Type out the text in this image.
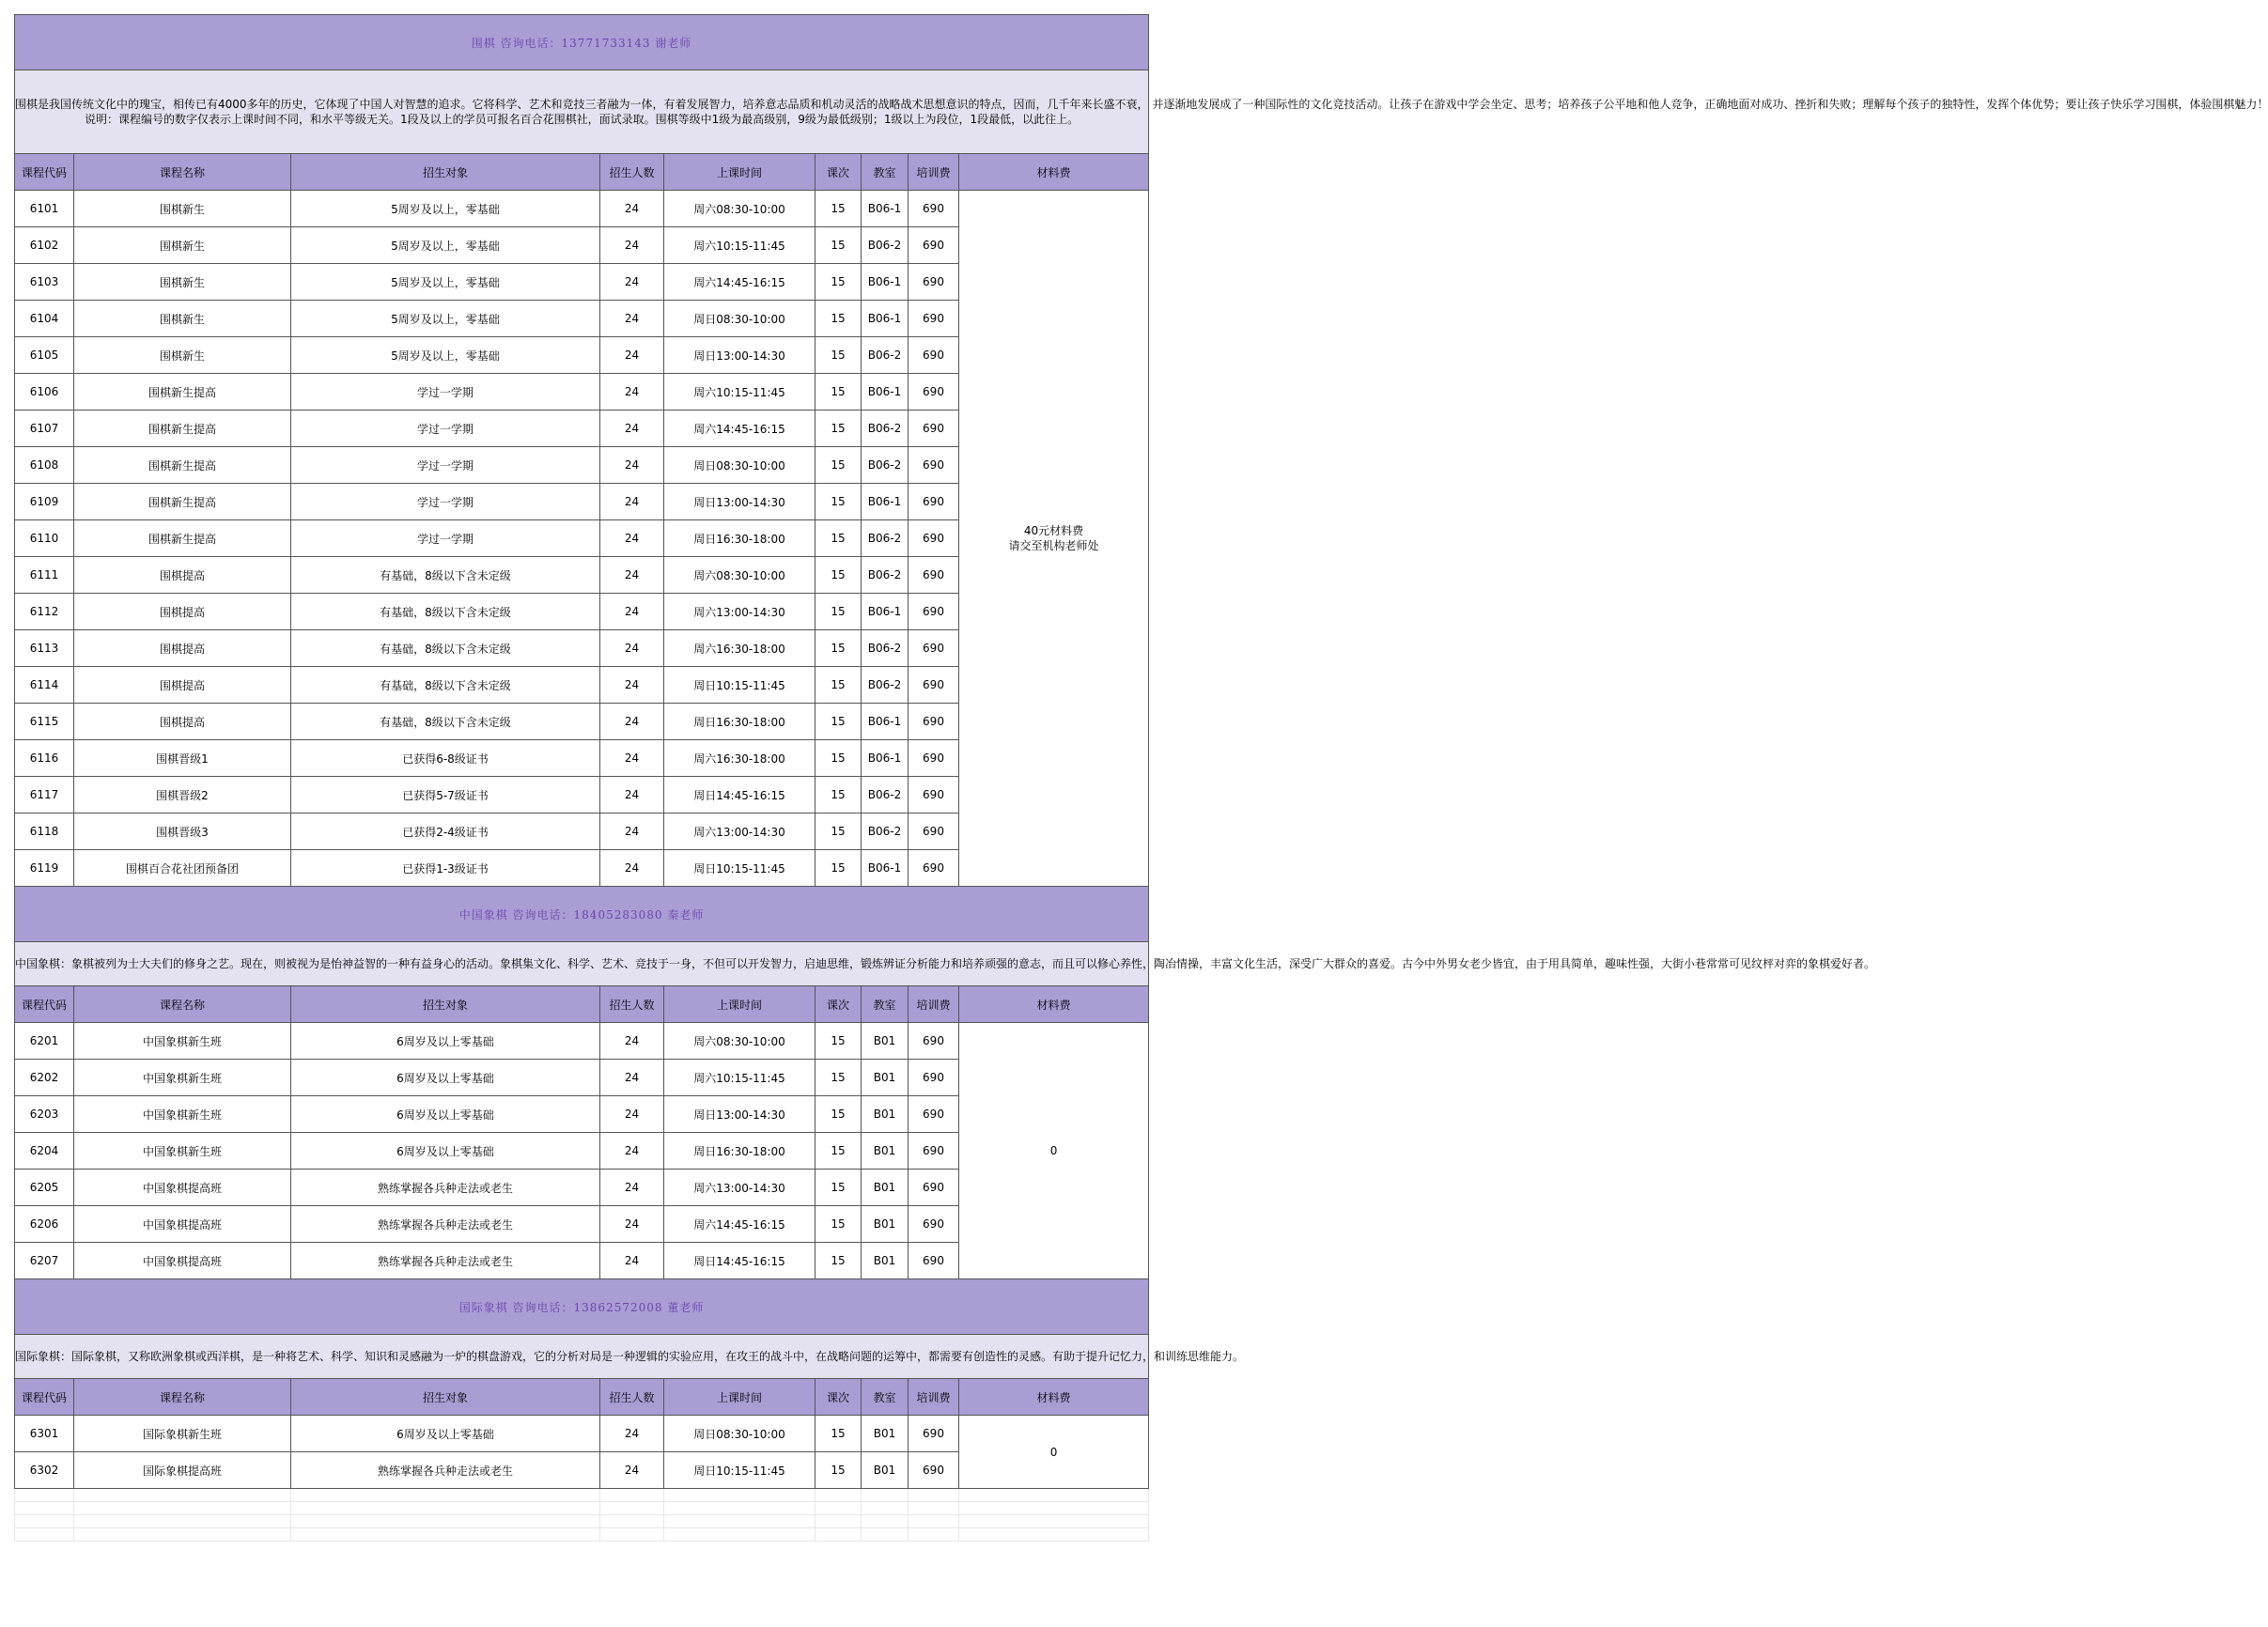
围棋 咨询电话：13771733143 谢老师								

围棋是我国传统文化中的瑰宝，相传已有4000多年的历史，它体现了中国人对智慧的追求。它将科学、艺术和竞技三者融为一体，有着发展智力，培养意志品质和机动灵活的战略战术思想意识的特点，因而，几千年来长盛不衰， 并逐渐地发展成了一种国际性的文化竞技活动。让孩子在游戏中学会坐定、思考；培养孩子公平地和他人竞争，正确地面对成功、挫折和失败；理解每个孩子的独特性，发挥个体优势；要让孩子快乐学习围棋，体验围棋魅力！
说明：课程编号的数字仅表示上课时间不同，和水平等级无关。1段及以上的学员可报名百合花围棋社，面试录取。围棋等级中1级为最高级别，9级为最低级别；1级以上为段位，1段最低，以此往上。								

课程代码	课程名称	招生对象	招生人数	上课时间	课次	教室	培训费	材料费
6101	围棋新生	5周岁及以上，零基础	24	周六08:30-10:00	15	B06-1	690	40元材料费
请交至机构老师处

6102	围棋新生	5周岁及以上，零基础	24	周六10:15-11:45	15	B06-2	690	
6103	围棋新生	5周岁及以上，零基础	24	周六14:45-16:15	15	B06-1	690	
6104	围棋新生	5周岁及以上，零基础	24	周日08:30-10:00	15	B06-1	690	
6105	围棋新生	5周岁及以上，零基础	24	周日13:00-14:30	15	B06-2	690	
6106	围棋新生提高	学过一学期	24	周六10:15-11:45	15	B06-1	690	
6107	围棋新生提高	学过一学期	24	周六14:45-16:15	15	B06-2	690	
6108	围棋新生提高	学过一学期	24	周日08:30-10:00	15	B06-2	690	
6109	围棋新生提高	学过一学期	24	周日13:00-14:30	15	B06-1	690	
6110	围棋新生提高	学过一学期	24	周日16:30-18:00	15	B06-2	690	
6111	围棋提高	有基础，8级以下含未定级	24	周六08:30-10:00	15	B06-2	690	
6112	围棋提高	有基础，8级以下含未定级	24	周六13:00-14:30	15	B06-1	690	
6113	围棋提高	有基础，8级以下含未定级	24	周六16:30-18:00	15	B06-2	690	
6114	围棋提高	有基础，8级以下含未定级	24	周日10:15-11:45	15	B06-2	690	
6115	围棋提高	有基础，8级以下含未定级	24	周日16:30-18:00	15	B06-1	690	
6116	围棋晋级1	已获得6-8级证书	24	周六16:30-18:00	15	B06-1	690	
6117	围棋晋级2	已获得5-7级证书	24	周日14:45-16:15	15	B06-2	690	
6118	围棋晋级3	已获得2-4级证书	24	周六13:00-14:30	15	B06-2	690	
6119	围棋百合花社团预备团	已获得1-3级证书	24	周日10:15-11:45	15	B06-1	690	
中国象棋 咨询电话：18405283080 秦老师								

中国象棋：象棋被列为士大夫们的修身之艺。现在，则被视为是怡神益智的一种有益身心的活动。象棋集文化、科学、艺术、竞技于一身，不但可以开发智力，启迪思维，锻炼辨证分析能力和培养顽强的意志，而且可以修心养性，陶冶情操，丰富文化生活，深受广大群众的喜爱。古今中外男女老少皆宜，由于用具简单，趣味性强，大街小巷常常可见纹枰对弈的象棋爱好者。								

课程代码	课程名称	招生对象	招生人数	上课时间	课次	教室	培训费	材料费
6201	中国象棋新生班	6周岁及以上零基础	24	周六08:30-10:00	15	B01	690	0

6202	中国象棋新生班	6周岁及以上零基础	24	周六10:15-11:45	15	B01	690	
6203	中国象棋新生班	6周岁及以上零基础	24	周日13:00-14:30	15	B01	690	
6204	中国象棋新生班	6周岁及以上零基础	24	周日16:30-18:00	15	B01	690	
6205	中国象棋提高班	熟练掌握各兵种走法或老生	24	周六13:00-14:30	15	B01	690	
6206	中国象棋提高班	熟练掌握各兵种走法或老生	24	周六14:45-16:15	15	B01	690	
6207	中国象棋提高班	熟练掌握各兵种走法或老生	24	周日14:45-16:15	15	B01	690	
国际象棋 咨询电话：13862572008 董老师								

国际象棋：国际象棋，又称欧洲象棋或西洋棋，是一种将艺术、科学、知识和灵感融为一炉的棋盘游戏，它的分析对局是一种逻辑的实验应用，在攻王的战斗中，在战略问题的运筹中，都需要有创造性的灵感。有助于提升记忆力，和训练思维能力。								

课程代码	课程名称	招生对象	招生人数	上课时间	课次	教室	培训费	材料费
6301	国际象棋新生班	6周岁及以上零基础	24	周日08:30-10:00	15	B01	690	0

6302	国际象棋提高班	熟练掌握各兵种走法或老生	24	周日10:15-11:45	15	B01	690	
